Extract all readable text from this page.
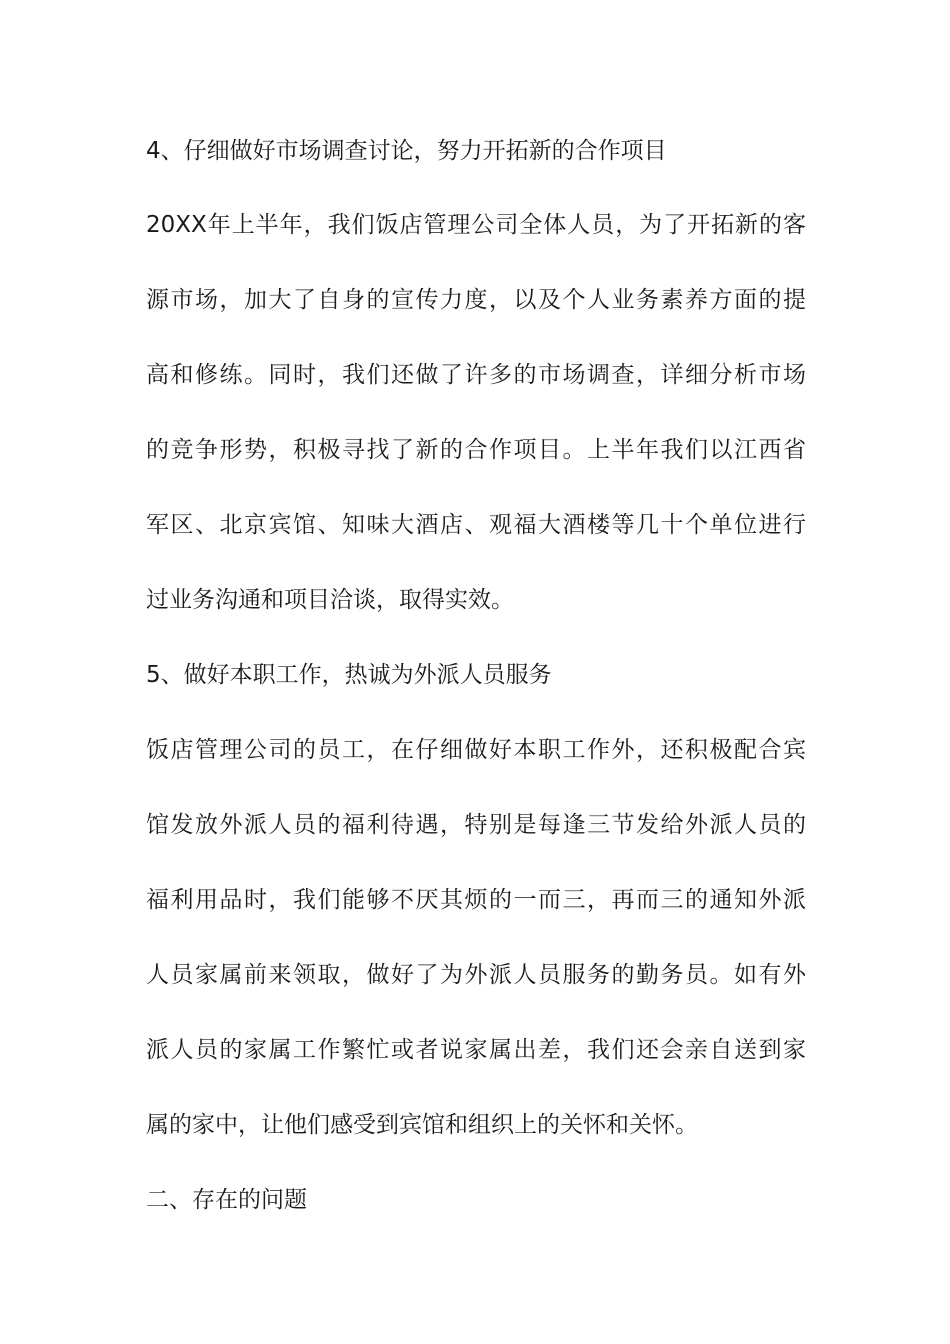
4、仔细做好市场调查讨论，努力开拓新的合作项目
20XX年上半年，我们饭店管理公司全体人员，为了开拓新的客
源市场，加大了自身的宣传力度，以及个人业务素养方面的提
高和修练。同时，我们还做了许多的市场调查，详细分析市场
的竞争形势，积极寻找了新的合作项目。上半年我们以江西省
军区、北京宾馆、知味大酒店、观福大酒楼等几十个单位进行
过业务沟通和项目洽谈，取得实效。
5、做好本职工作，热诚为外派人员服务
饭店管理公司的员工，在仔细做好本职工作外，还积极配合宾
馆发放外派人员的福利待遇，特别是每逢三节发给外派人员的
福利用品时，我们能够不厌其烦的一而三，再而三的通知外派
人员家属前来领取，做好了为外派人员服务的勤务员。如有外
派人员的家属工作繁忙或者说家属出差，我们还会亲自送到家
属的家中，让他们感受到宾馆和组织上的关怀和关怀。
二、存在的问题
